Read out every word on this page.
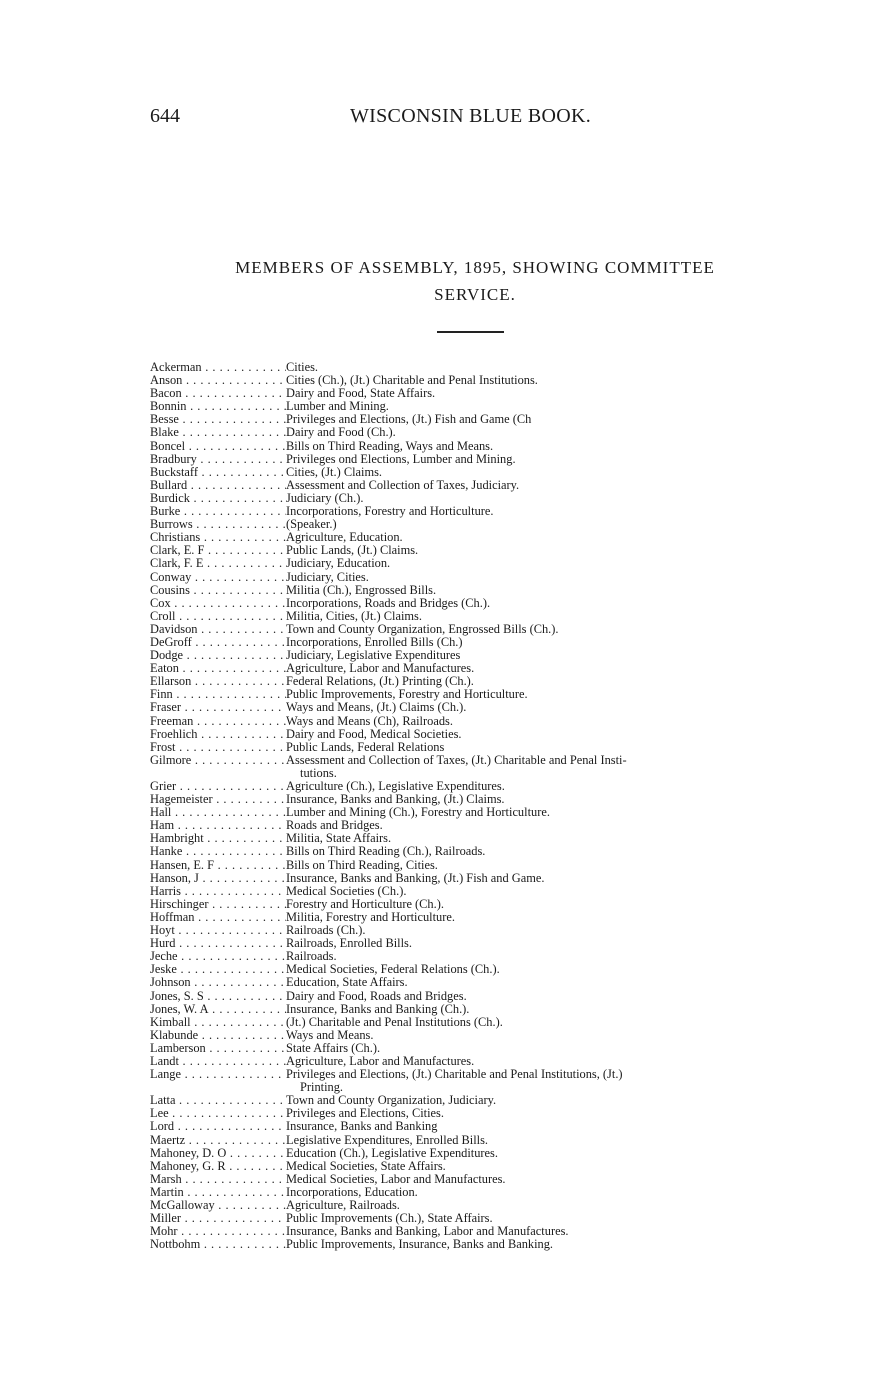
644	WISCONSIN BLUE BOOK.
MEMBERS OF ASSEMBLY, 1895, SHOWING COMMITTEE
SERVICE.
Ackerman . . .	Cities.
Anson . . .	Cities (Ch.), (Jt.) Charitable and Penal Institutions.
Bacon . . .	Dairy and Food, State Affairs.
Bonnin . . .	Lumber and Mining.
Besse . . .	Privileges and Elections, (Jt.) Fish and Game (Ch
Blake . . .	Dairy and Food (Ch.).
Boncel . . .	Bills on Third Reading, Ways and Means.
Bradbury . . .	Privileges ond Elections, Lumber and Mining.
Buckstaff . . .	Cities, (Jt.) Claims.
Bullard . . .	Assessment and Collection of Taxes, Judiciary.
Burdick . . .	Judiciary (Ch.).
Burke . . .	Incorporations, Forestry and Horticulture.
Burrows . . .	(Speaker.)
Christians . . .	Agriculture, Education.
Clark, E. F . . .	Public Lands, (Jt.) Claims.
Clark, F. E . . .	Judiciary, Education.
Conway . . .	Judiciary, Cities.
Cousins . . .	Militia (Ch.), Engrossed Bills.
Cox . . .	Incorporations, Roads and Bridges (Ch.).
Croll . . .	Militia, Cities, (Jt.) Claims.
Davidson . . .	Town and County Organization, Engrossed Bills (Ch.).
DeGroff . . .	Incorporations, Enrolled Bills (Ch.)
Dodge . . .	Judiciary, Legislative Expenditures
Eaton . . .	Agriculture, Labor and Manufactures.
Ellarson . . .	Federal Relations, (Jt.) Printing (Ch.).
Finn . . .	Public Improvements, Forestry and Horticulture.
Fraser . . .	Ways and Means, (Jt.) Claims (Ch.).
Freeman . . .	Ways and Means (Ch), Railroads.
Froehlich . . .	Dairy and Food, Medical Societies.
Frost . . .	Public Lands, Federal Relations
Gilmore . . .	Assessment and Collection of Taxes, (Jt.) Charitable and Penal Insti-
tutions.
Grier . . .	Agriculture (Ch.), Legislative Expenditures.
Hagemeister . . .	Insurance, Banks and Banking, (Jt.) Claims.
Hall . . .	Lumber and Mining (Ch.), Forestry and Horticulture.
Ham . . .	Roads and Bridges.
Hambright . . .	Militia, State Affairs.
Hanke . . .	Bills on Third Reading (Ch.), Railroads.
Hansen, E. F . . .	Bills on Third Reading, Cities.
Hanson, J . . .	Insurance, Banks and Banking, (Jt.) Fish and Game.
Harris . . .	Medical Societies (Ch.).
Hirschinger . . .	Forestry and Horticulture (Ch.).
Hoffman . . .	Militia, Forestry and Horticulture.
Hoyt . . .	Railroads (Ch.).
Hurd . . .	Railroads, Enrolled Bills.
Jeche . . .	Railroads.
Jeske . . .	Medical Societies, Federal Relations (Ch.).
Johnson . . .	Education, State Affairs.
Jones, S. S . . .	Dairy and Food, Roads and Bridges.
Jones, W. A . . .	Insurance, Banks and Banking (Ch.).
Kimball . . .	(Jt.) Charitable and Penal Institutions (Ch.).
Klabunde . . .	Ways and Means.
Lamberson . . .	State Affairs (Ch.).
Landt . . .	Agriculture, Labor and Manufactures.
Lange . . .	Privileges and Elections, (Jt.) Charitable and Penal Institutions, (Jt.)
Printing.
Latta . . .	Town and County Organization, Judiciary.
Lee . . .	Privileges and Elections, Cities.
Lord . . .	Insurance, Banks and Banking
Maertz . . .	Legislative Expenditures, Enrolled Bills.
Mahoney, D. O . . .	Education (Ch.), Legislative Expenditures.
Mahoney, G. R . . .	Medical Societies, State Affairs.
Marsh . . .	Medical Societies, Labor and Manufactures.
Martin . . .	Incorporations, Education.
McGalloway . . .	Agriculture, Railroads.
Miller . . .	Public Improvements (Ch.), State Affairs.
Mohr . . .	Insurance, Banks and Banking, Labor and Manufactures.
Nottbohm . . .	Public Improvements, Insurance, Banks and Banking.
